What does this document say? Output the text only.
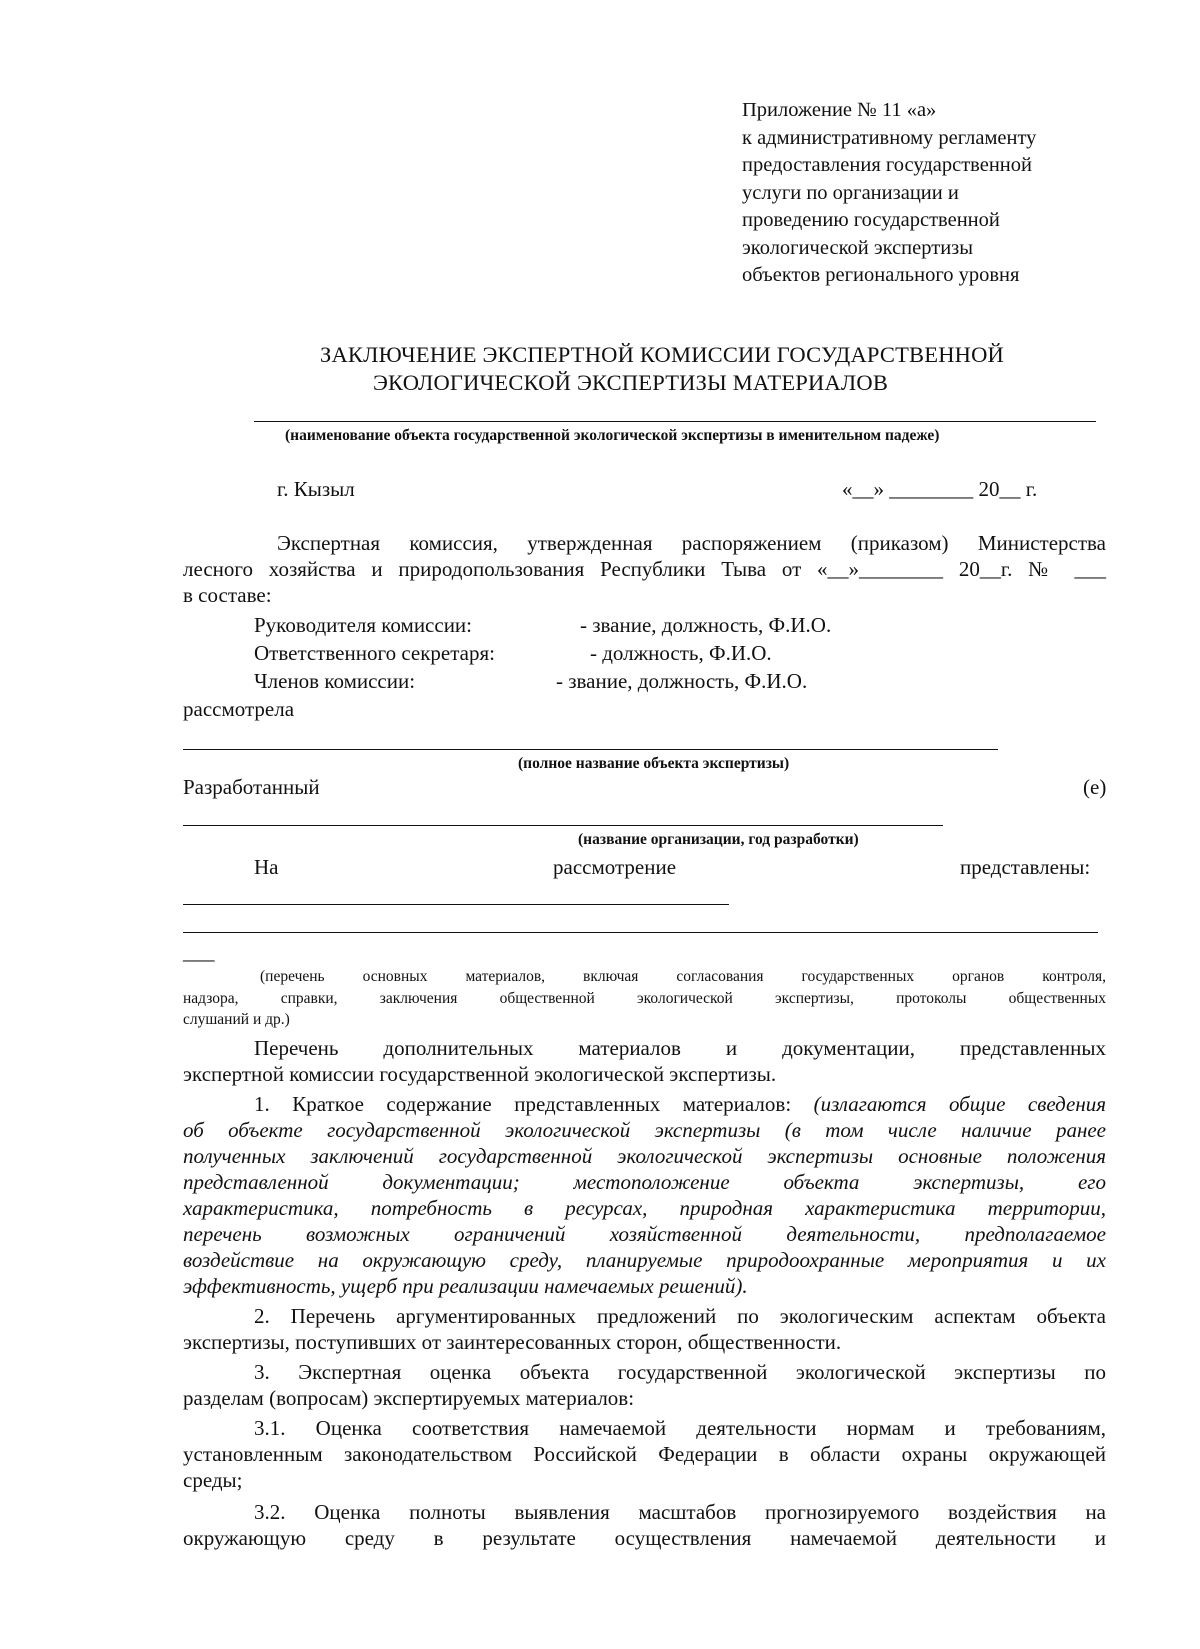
Приложение № 11 «а»
к административному регламенту
предоставления государственной
услуги по организации и
проведению государственной
экологической экспертизы
объектов регионального уровня
ЗАКЛЮЧЕНИЕ ЭКСПЕРТНОЙ КОМИССИИ ГОСУДАРСТВЕННОЙ
ЭКОЛОГИЧЕСКОЙ ЭКСПЕРТИЗЫ МАТЕРИАЛОВ
(наименование объекта государственной экологической экспертизы в именительном падеже)
г. Кызыл	«__» ________ 20__ г.
Экспертная комиссия, утвержденная распоряжением (приказом) Министерства
лесного хозяйства и природопользования Республики Тыва от «__»________ 20__г. № ___
в составе:
Руководителя комиссии:	- звание, должность, Ф.И.О.
Ответственного секретаря:	- должность, Ф.И.О.
Членов комиссии:	- звание, должность, Ф.И.О.
рассмотрела
(полное название объекта экспертизы)
Разработанный	(е)
(название организации, год разработки)
На	рассмотрение	представлены:
___
(перечень основных материалов, включая согласования государственных органов контроля,
надзора, справки, заключения общественной экологической экспертизы, протоколы общественных
слушаний и др.)
Перечень дополнительных материалов и документации, представленных
экспертной комиссии государственной экологической экспертизы.
1. Краткое содержание представленных материалов: (излагаются общие сведения
об объекте государственной экологической экспертизы (в том числе наличие ранее
полученных заключений государственной экологической экспертизы основные положения
представленной документации; местоположение объекта экспертизы, его
характеристика, потребность в ресурсах, природная характеристика территории,
перечень возможных ограничений хозяйственной деятельности, предполагаемое
воздействие на окружающую среду, планируемые природоохранные мероприятия и их
эффективность, ущерб при реализации намечаемых решений).
2. Перечень аргументированных предложений по экологическим аспектам объекта
экспертизы, поступивших от заинтересованных сторон, общественности.
3. Экспертная оценка объекта государственной экологической экспертизы по
разделам (вопросам) экспертируемых материалов:
3.1. Оценка соответствия намечаемой деятельности нормам и требованиям,
установленным законодательством Российской Федерации в области охраны окружающей
среды;
3.2. Оценка полноты выявления масштабов прогнозируемого воздействия на
окружающую среду в результате осуществления намечаемой деятельности и
